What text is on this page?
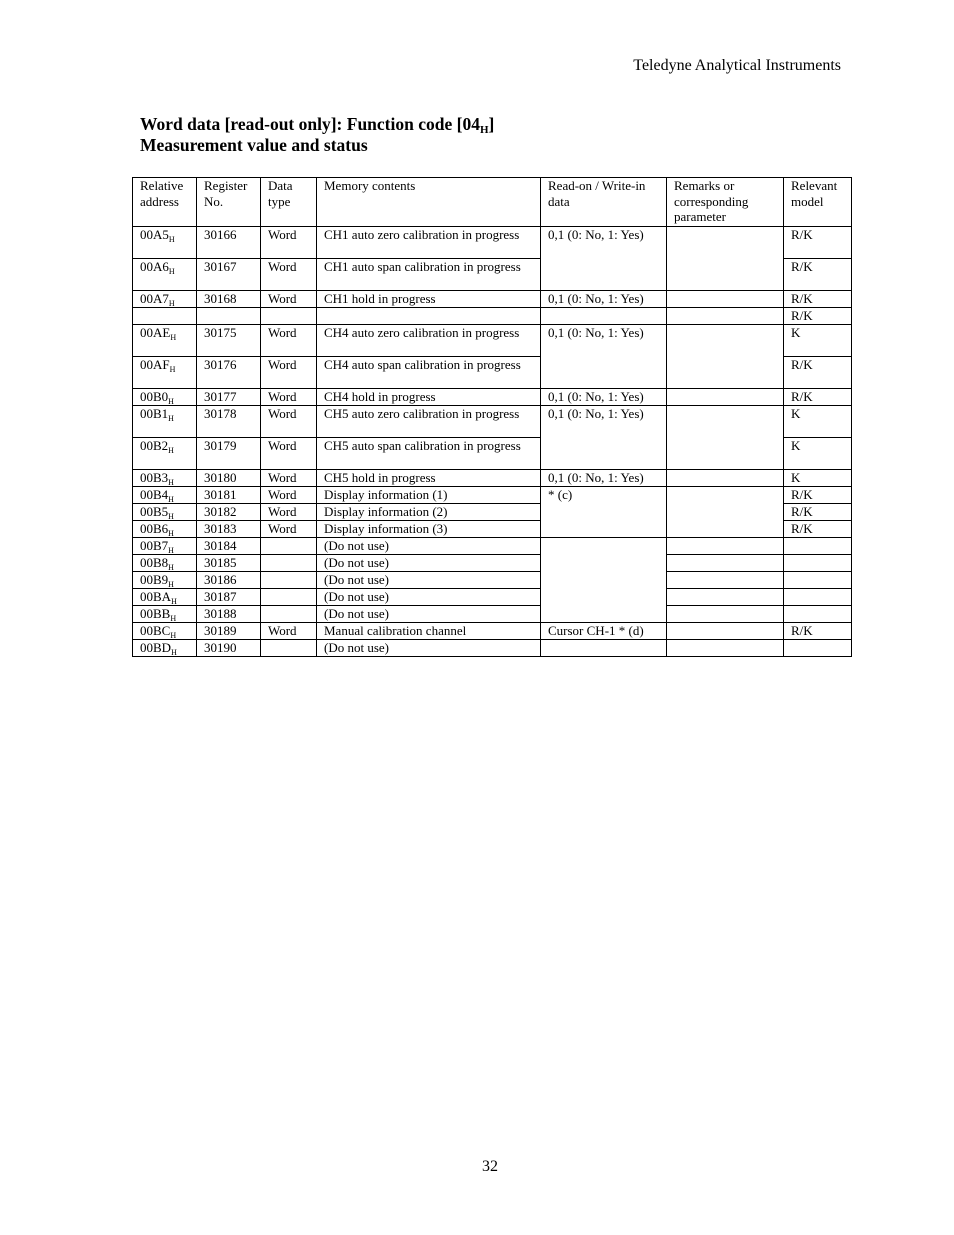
Teledyne Analytical Instruments
Word data [read-out only]: Function code $[04_H]$
Measurement value and status
Relative address	Register No.	Data type	Memory contents	Read-on / Write-in data	Remarks or corresponding parameter	Relevant model
$00A5_H$	30166	Word	CH1 auto zero calibration in progress	0,1 (0: No, 1: Yes)		R/K
$00A6_H$	30167	Word	CH1 auto span calibration in progress			R/K
$00A7_H$	30168	Word	CH1 hold in progress	0,1 (0: No, 1: Yes)		R/K
						R/K
$00AE_H$	30175	Word	CH4 auto zero calibration in progress	0,1 (0: No, 1: Yes)		K
$00AF_H$	30176	Word	CH4 auto span calibration in progress			R/K
$00B0_H$	30177	Word	CH4 hold in progress	0,1 (0: No, 1: Yes)		R/K
$00B1_H$	30178	Word	CH5 auto zero calibration in progress	0,1 (0: No, 1: Yes)		K
$00B2_H$	30179	Word	CH5 auto span calibration in progress			K
$00B3_H$	30180	Word	CH5 hold in progress	0,1 (0: No, 1: Yes)		K
$00B4_H$	30181	Word	Display information (1)	* (c)		R/K
$00B5_H$	30182	Word	Display information (2)			R/K
$00B6_H$	30183	Word	Display information (3)			R/K
$00B7_H$	30184		(Do not use)			
$00B8_H$	30185		(Do not use)			
$00B9_H$	30186		(Do not use)			
$00BA_H$	30187		(Do not use)			
$00BB_H$	30188		(Do not use)			
$00BC_H$	30189	Word	Manual calibration channel	Cursor CH-1 * (d)		R/K
$00BD_H$	30190		(Do not use)			
32
